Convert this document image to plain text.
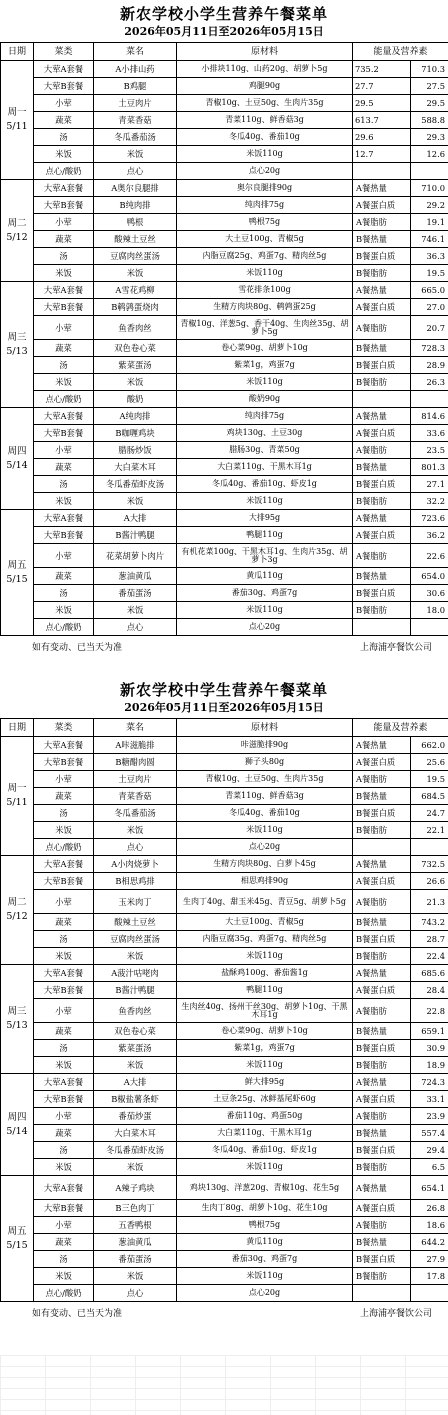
新农学校小学生营养午餐菜单
2026年05月11日至2026年05月15日
日期	菜类	菜名	原材料	能量及营养素	

周一
5/11	大荤A套餐	A小排山药	小排块110g、山药20g、胡萝卜5g	735.2	710.3
	大荤B套餐	B鸡腿	鸡腿90g	27.7	27.5
	小荤	土豆肉片	青椒10g、土豆50g、生肉片35g	29.5	29.5
	蔬菜	青菜香菇	青菜110g、鲜香菇3g	613.7	588.8
	汤	冬瓜番茄汤	冬瓜40g、番茄10g	29.6	29.3
	米饭	米饭	米饭110g	12.7	12.6
	点心/酸奶	点心	点心20g		

周二
5/12	大荤A套餐	A奥尔良腿排	奥尔良腿排90g	A餐热量	710.0
	大荤B套餐	B纯肉排	纯肉排75g	A餐蛋白质	29.2
	小荤	鸭根	鸭根75g	A餐脂肪	19.1
	蔬菜	酸辣土豆丝	大土豆100g、青椒5g	B餐热量	746.1
	汤	豆腐肉丝蛋汤	内脂豆腐25g、鸡蛋7g、精肉丝5g	B餐蛋白质	36.3
	米饭	米饭	米饭110g	B餐脂肪	19.5

周三
5/13	大荤A套餐	A雪花鸡柳	雪花排条100g	A餐热量	665.0
	大荤B套餐	B鹌鹑蛋烧肉	生精方肉块80g、鹌鹑蛋25g	A餐蛋白质	27.0
	小荤	鱼香肉丝	青椒10g、洋葱5g、香干40g、生肉丝35g、胡萝卜5g	A餐脂肪	20.7
	蔬菜	双色卷心菜	卷心菜90g、胡萝卜10g	B餐热量	728.3
	汤	紫菜蛋汤	紫菜1g，鸡蛋7g	B餐蛋白质	28.9
	米饭	米饭	米饭110g	B餐脂肪	26.3
	点心/酸奶	酸奶	酸奶90g		

周四
5/14	大荤A套餐	A纯肉排	纯肉排75g	A餐热量	814.6
	大荤B套餐	B咖喱鸡块	鸡块130g、土豆30g	A餐蛋白质	33.6
	小荤	腊肠炒饭	腊肠30g、青菜50g	A餐脂肪	23.5
	蔬菜	大白菜木耳	大白菜110g、干黑木耳1g	B餐热量	801.3
	汤	冬瓜番茄虾皮汤	冬瓜40g、番茄10g、虾皮1g	B餐蛋白质	27.1
	米饭	米饭	米饭110g	B餐脂肪	32.2

周五
5/15	大荤A套餐	A大排	大排95g	A餐热量	723.6
	大荤B套餐	B酱汁鸭腿	鸭腿110g	A餐蛋白质	36.2
	小荤	花菜胡萝卜肉片	有机花菜100g、干黑木耳1g、生肉片35g、胡萝卜3g	A餐脂肪	22.6
	蔬菜	葱油黄瓜	黄瓜110g	B餐热量	654.0
	汤	番茄蛋汤	番茄30g、鸡蛋7g	B餐蛋白质	30.6
	米饭	米饭	米饭110g	B餐脂肪	18.0
	点心/酸奶	点心	点心20g		
如有变动、已当天为准	上海浦亭餐饮公司
新农学校中学生营养午餐菜单
2026年05月11日至2026年05月15日
日期	菜类	菜名	原材料	能量及营养素	

周一
5/11	大荤A套餐	A咔滋脆排	咔滋脆排90g	A餐热量	662.0
	大荤B套餐	B糖醋肉圆	狮子头80g	A餐蛋白质	25.6
	小荤	土豆肉片	青椒10g、土豆50g、生肉片35g	A餐脂肪	19.5
	蔬菜	青菜香菇	青菜110g、鲜香菇3g	B餐热量	684.5
	汤	冬瓜番茄汤	冬瓜40g、番茄10g	B餐蛋白质	24.7
	米饭	米饭	米饭110g	B餐脂肪	22.1
	点心/酸奶	点心	点心20g		

周二
5/12	大荤A套餐	A小肉烧萝卜	生精方肉块80g、白萝卜45g	A餐热量	732.5
	大荤B套餐	B相思鸡排	相思鸡排90g	A餐蛋白质	26.6
	小荤	玉米肉丁	生肉丁40g、甜玉米45g、青豆5g、胡萝卜5g	A餐脂肪	21.3
	蔬菜	酸辣土豆丝	大土豆100g、青椒5g	B餐热量	743.2
	汤	豆腐肉丝蛋汤	内脂豆腐35g、鸡蛋7g、精肉丝5g	B餐蛋白质	28.7
	米饭	米饭	米饭110g	B餐脂肪	22.4

周三
5/13	大荤A套餐	A菠汁咕咾肉	盐酥鸡100g、番茄酱1g	A餐热量	685.6
	大荤B套餐	B酱汁鸭腿	鸭腿110g	A餐蛋白质	28.4
	小荤	鱼香肉丝	生肉丝40g、扬州干丝30g、胡萝卜10g、干黑木耳1g	A餐脂肪	22.8
	蔬菜	双色卷心菜	卷心菜90g、胡萝卜10g	B餐热量	659.1
	汤	紫菜蛋汤	紫菜1g，鸡蛋7g	B餐蛋白质	30.9
	米饭	米饭	米饭110g	B餐脂肪	18.9

周四
5/14	大荤A套餐	A大排	鲜大排95g	A餐热量	724.3
	大荤B套餐	B椒盐薯条虾	土豆条25g、冰鲜基尾虾60g	A餐蛋白质	33.1
	小荤	番茄炒蛋	番茄110g、鸡蛋50g	A餐脂肪	23.9
	蔬菜	大白菜木耳	大白菜110g、干黑木耳1g	B餐热量	557.4
	汤	冬瓜番茄虾皮汤	冬瓜40g、番茄10g、虾皮1g	B餐蛋白质	29.4
	米饭	米饭	米饭110g	B餐脂肪	6.5

周五
5/15	大荤A套餐	A辣子鸡块	鸡块130g、洋葱20g、青椒10g、花生5g	A餐热量	654.1
	大荤B套餐	B三色肉丁	生肉丁80g、胡萝卜10g、花生10g	A餐蛋白质	26.8
	小荤	五香鸭根	鸭根75g	A餐脂肪	18.6
	蔬菜	葱油黄瓜	黄瓜110g	B餐热量	644.2
	汤	番茄蛋汤	番茄30g、鸡蛋7g	B餐蛋白质	27.9
	米饭	米饭	米饭110g	B餐脂肪	17.8
	点心/酸奶	点心	点心20g		
如有变动、已当天为准	上海浦亭餐饮公司
